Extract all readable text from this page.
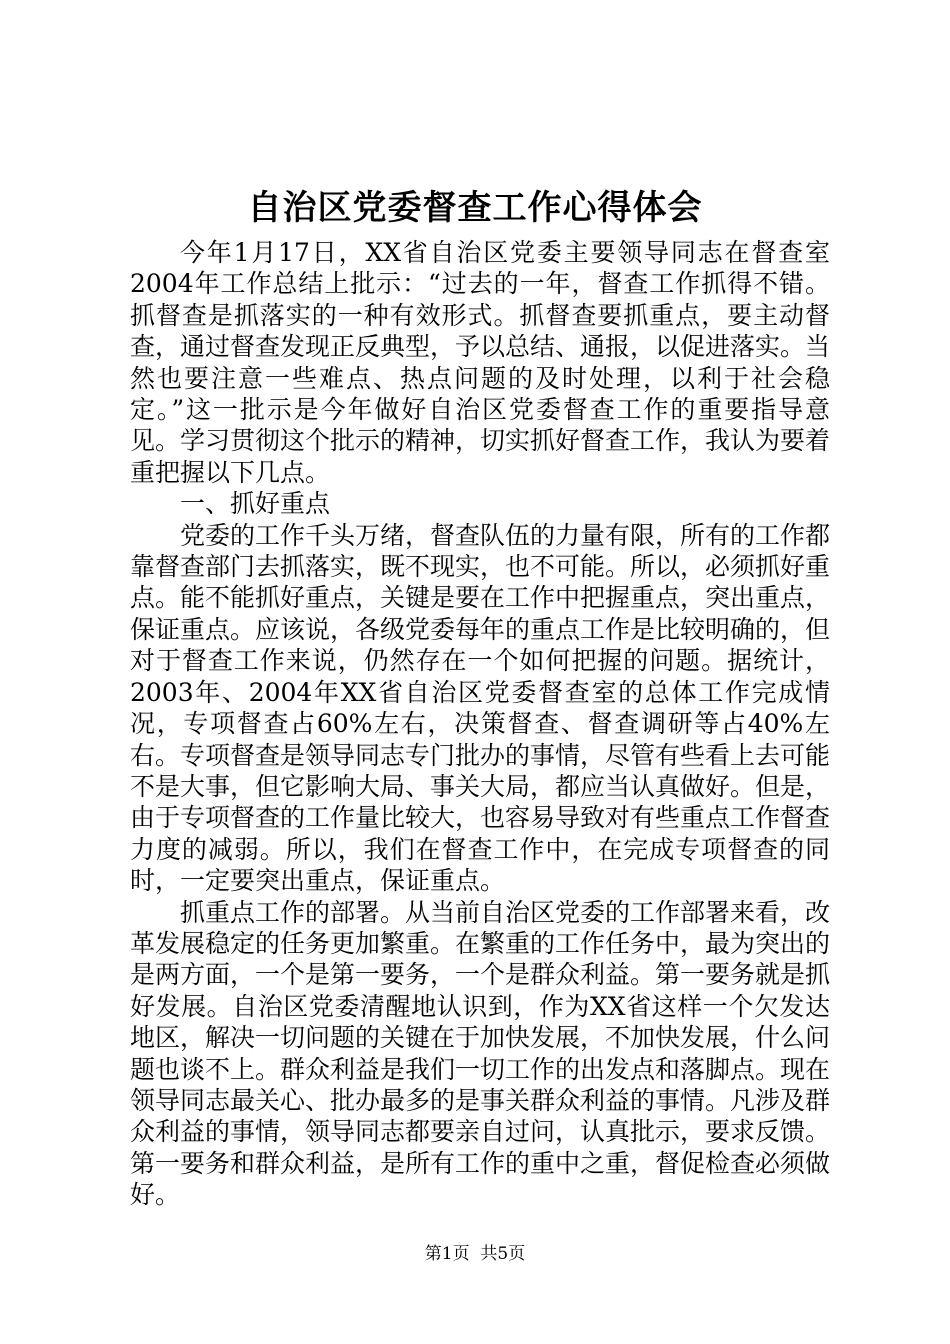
自治区党委督查工作心得体会

今年1月17日，XX省自治区党委主要领导同志在督查室2004年工作总结上批示：“过去的一年，督查工作抓得不错。抓督查是抓落实的一种有效形式。抓督查要抓重点，要主动督查，通过督查发现正反典型，予以总结、通报，以促进落实。当然也要注意一些难点、热点问题的及时处理，以利于社会稳定。”这一批示是今年做好自治区党委督查工作的重要指导意见。学习贯彻这个批示的精神，切实抓好督查工作，我认为要着重把握以下几点。

一、抓好重点

党委的工作千头万绪，督查队伍的力量有限，所有的工作都靠督查部门去抓落实，既不现实，也不可能。所以，必须抓好重点。能不能抓好重点，关键是要在工作中把握重点，突出重点，保证重点。应该说，各级党委每年的重点工作是比较明确的，但对于督查工作来说，仍然存在一个如何把握的问题。据统计，2003年、2004年XX省自治区党委督查室的总体工作完成情况，专项督查占60%左右，决策督查、督查调研等占40%左右。专项督查是领导同志专门批办的事情，尽管有些看上去可能不是大事，但它影响大局、事关大局，都应当认真做好。但是，由于专项督查的工作量比较大，也容易导致对有些重点工作督查力度的减弱。所以，我们在督查工作中，在完成专项督查的同时，一定要突出重点，保证重点。

抓重点工作的部署。从当前自治区党委的工作部署来看，改革发展稳定的任务更加繁重。在繁重的工作任务中，最为突出的是两方面，一个是第一要务，一个是群众利益。第一要务就是抓好发展。自治区党委清醒地认识到，作为XX省这样一个欠发达地区，解决一切问题的关键在于加快发展，不加快发展，什么问题也谈不上。群众利益是我们一切工作的出发点和落脚点。现在领导同志最关心、批办最多的是事关群众利益的事情。凡涉及群众利益的事情，领导同志都要亲自过问，认真批示，要求反馈。第一要务和群众利益，是所有工作的重中之重，督促检查必须做好。

第1页 共5页
